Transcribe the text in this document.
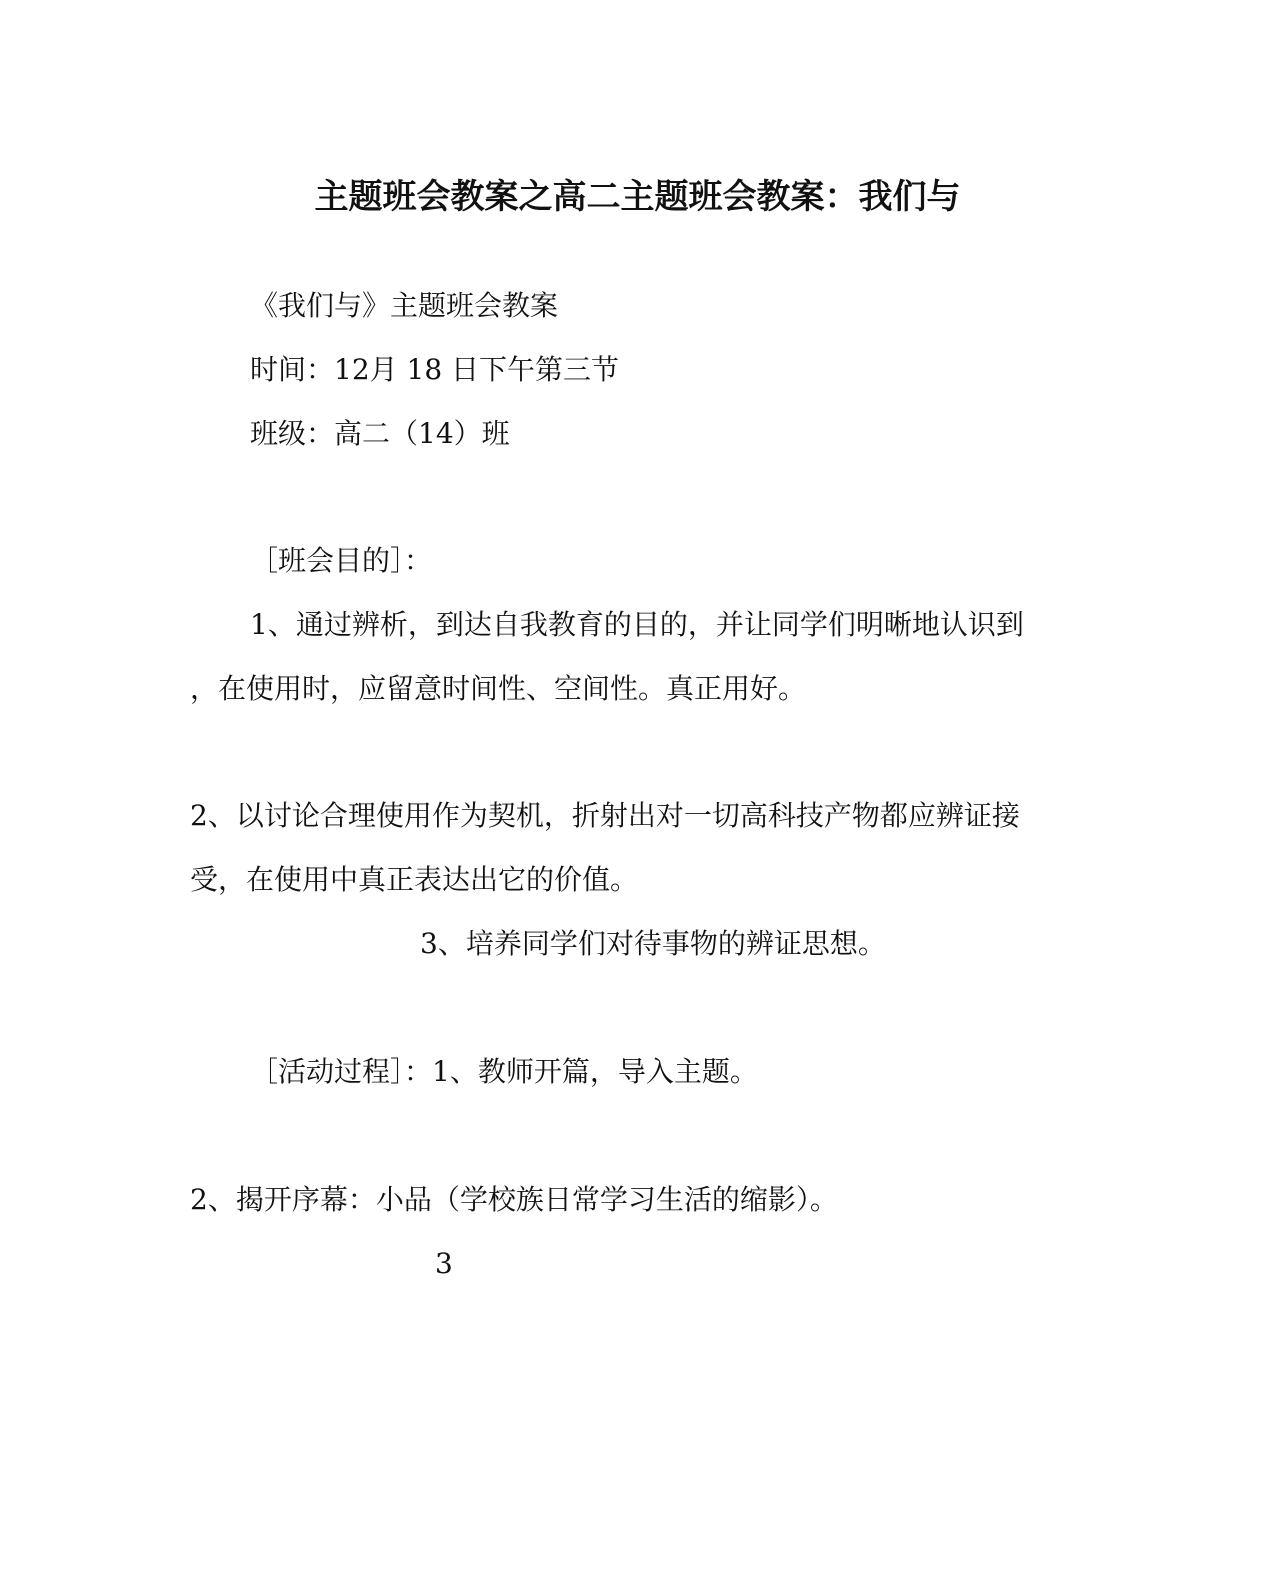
主题班会教案之高二主题班会教案：我们与
《我们与》主题班会教案
时间：12月 18 日下午第三节
班级：高二（14）班
［班会目的］：
1、通过辨析，到达自我教育的目的，并让同学们明晰地认识到
，在使用时，应留意时间性、空间性。真正用好。
2、以讨论合理使用作为契机，折射出对一切高科技产物都应辨证接
受，在使用中真正表达出它的价值。
3、培养同学们对待事物的辨证思想。
［活动过程］：1、教师开篇，导入主题。
2、揭开序幕：小品（学校族日常学习生活的缩影）。
3
